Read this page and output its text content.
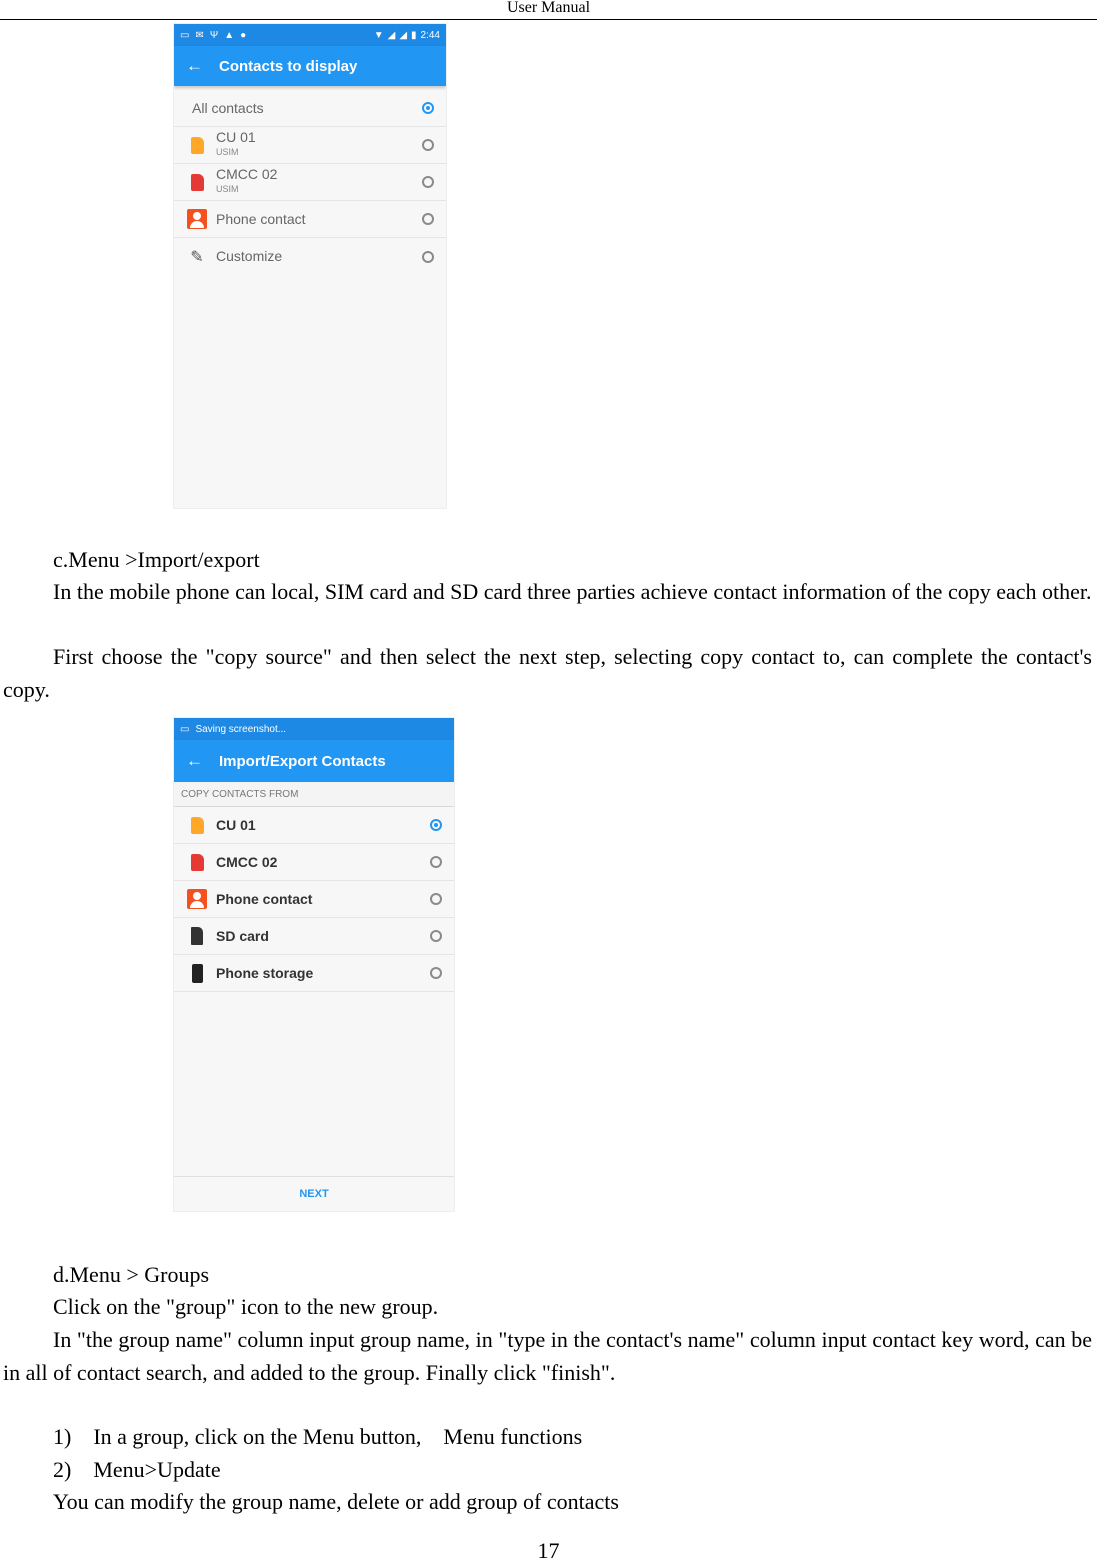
User Manual
▭ ✉ Ψ ▲ ●	▼ ◢ ◢ ▮ 2:44
← Contacts to display
All contacts
CU 01
USIM
CMCC 02
USIM
Phone contact
✎ Customize

c.Menu >Import/export

In the mobile phone can local, SIM card and SD card three parties achieve contact information of the copy each other.

First choose the "copy source" and then select the next step, selecting copy contact to, can complete the contact's copy.

▭ Saving screenshot...
← Import/Export Contacts
COPY CONTACTS FROM
CU 01
CMCC 02
Phone contact
SD card
Phone storage
NEXT

d.Menu > Groups

Click on the "group" icon to the new group.

In "the group name" column input group name, in "type in the contact's name" column input contact key word, can be in all of contact search, and added to the group. Finally click "finish".

1)    In a group, click on the Menu button,    Menu functions

2)    Menu>Update

You can modify the group name, delete or add group of contacts

17
